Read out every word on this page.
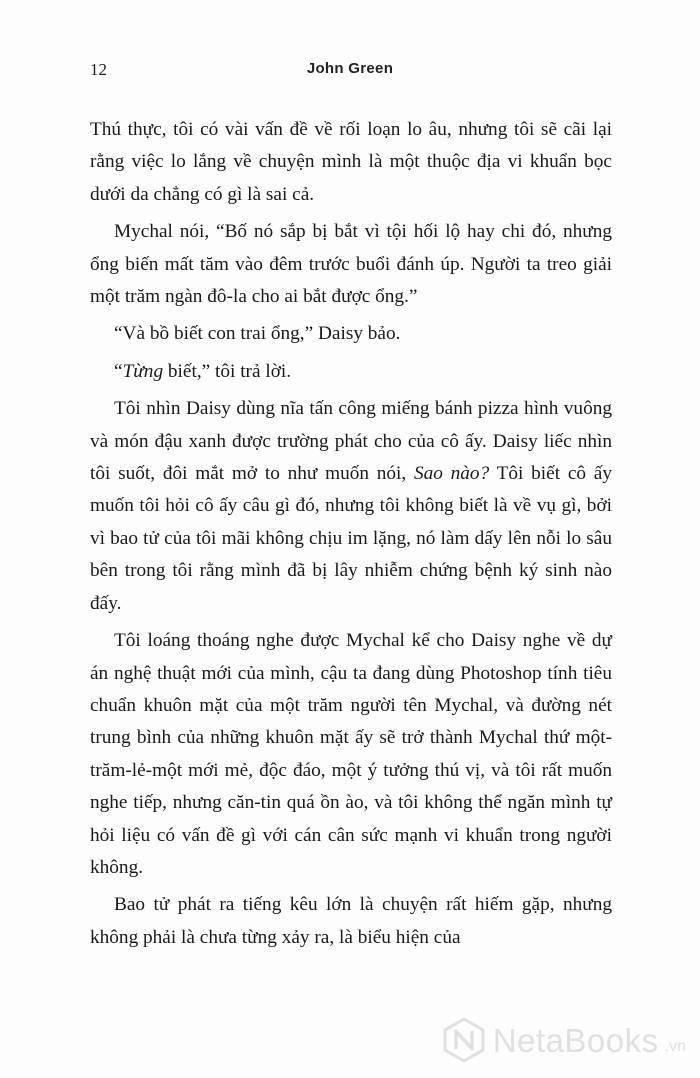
12	John Green

Thú thực, tôi có vài vấn đề về rối loạn lo âu, nhưng tôi sẽ cãi lại rằng việc lo lắng về chuyện mình là một thuộc địa vi khuẩn bọc dưới da chẳng có gì là sai cả.

Mychal nói, “Bố nó sắp bị bắt vì tội hối lộ hay chi đó, nhưng ổng biến mất tăm vào đêm trước buổi đánh úp. Người ta treo giải một trăm ngàn đô-la cho ai bắt được ổng.”

“Và bồ biết con trai ổng,” Daisy bảo.

“Từng biết,” tôi trả lời.

Tôi nhìn Daisy dùng nĩa tấn công miếng bánh pizza hình vuông và món đậu xanh được trường phát cho của cô ấy. Daisy liếc nhìn tôi suốt, đôi mắt mở to như muốn nói, Sao nào? Tôi biết cô ấy muốn tôi hỏi cô ấy câu gì đó, nhưng tôi không biết là về vụ gì, bởi vì bao tử của tôi mãi không chịu im lặng, nó làm dấy lên nỗi lo sâu bên trong tôi rằng mình đã bị lây nhiễm chứng bệnh ký sinh nào đấy.

Tôi loáng thoáng nghe được Mychal kể cho Daisy nghe về dự án nghệ thuật mới của mình, cậu ta đang dùng Photoshop tính tiêu chuẩn khuôn mặt của một trăm người tên Mychal, và đường nét trung bình của những khuôn mặt ấy sẽ trở thành Mychal thứ một-trăm-lẻ-một mới mẻ, độc đáo, một ý tưởng thú vị, và tôi rất muốn nghe tiếp, nhưng căn-tin quá ồn ào, và tôi không thể ngăn mình tự hỏi liệu có vấn đề gì với cán cân sức mạnh vi khuẩn trong người không.

Bao tử phát ra tiếng kêu lớn là chuyện rất hiếm gặp, nhưng không phải là chưa từng xảy ra, là biểu hiện của

NetaBooks .vn
